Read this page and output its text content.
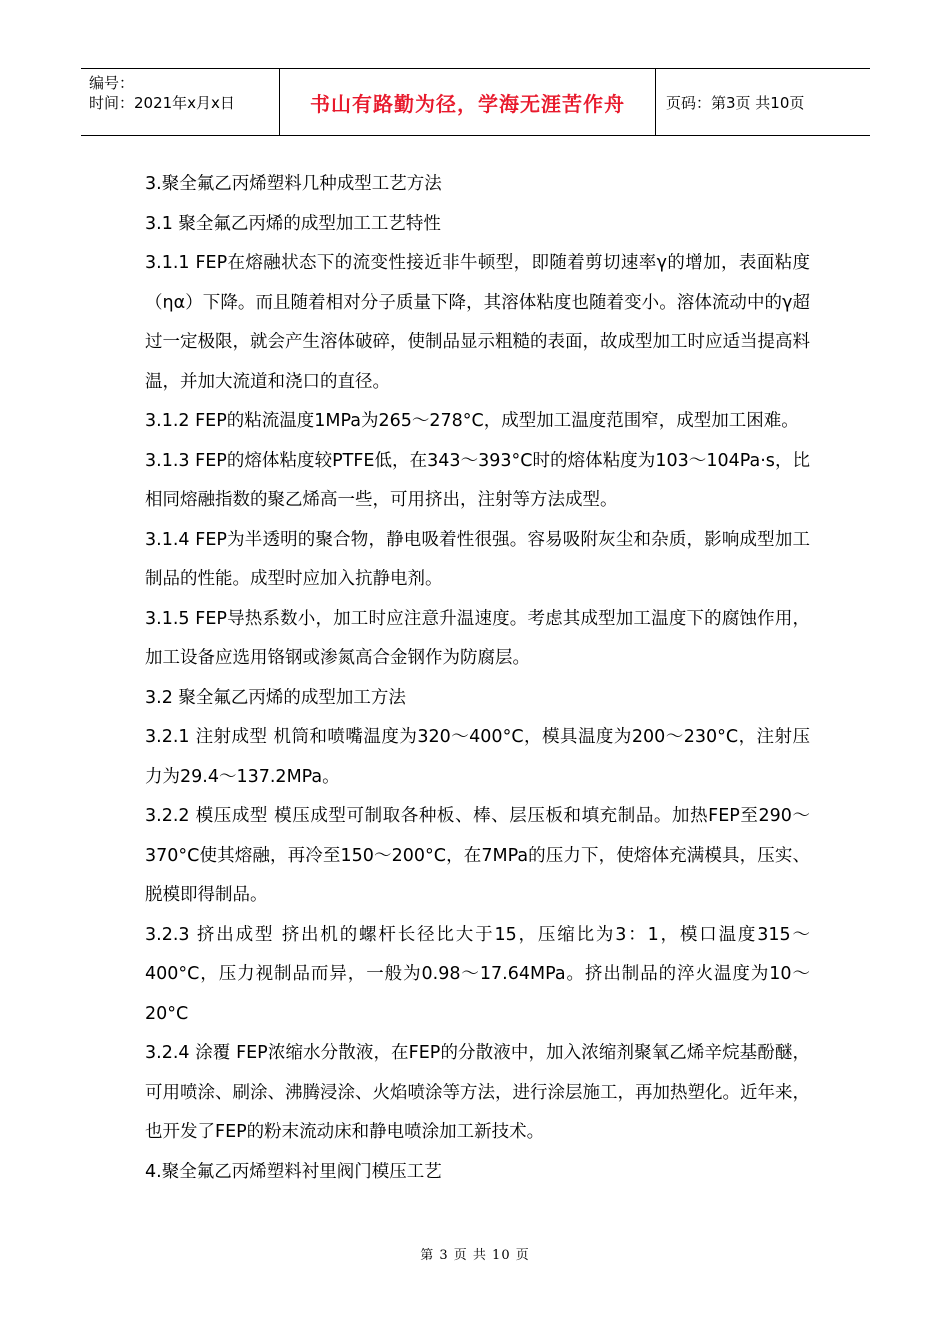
编号：
时间：2021年x月x日	书山有路勤为径，学海无涯苦作舟	页码：第3页 共10页

3.聚全氟乙丙烯塑料几种成型工艺方法

3.1 聚全氟乙丙烯的成型加工工艺特性

3.1.1 FEP在熔融状态下的流变性接近非牛顿型，即随着剪切速率γ的增加，表面粘度（ηα）下降。而且随着相对分子质量下降，其溶体粘度也随着变小。溶体流动中的γ超过一定极限，就会产生溶体破碎，使制品显示粗糙的表面，故成型加工时应适当提高料温，并加大流道和浇口的直径。

3.1.2 FEP的粘流温度1MPa为265～278°C，成型加工温度范围窄，成型加工困难。

3.1.3 FEP的熔体粘度较PTFE低，在343～393°C时的熔体粘度为103～104Pa·s，比相同熔融指数的聚乙烯高一些，可用挤出，注射等方法成型。

3.1.4 FEP为半透明的聚合物，静电吸着性很强。容易吸附灰尘和杂质，影响成型加工制品的性能。成型时应加入抗静电剂。

3.1.5 FEP导热系数小，加工时应注意升温速度。考虑其成型加工温度下的腐蚀作用，加工设备应选用铬钢或渗氮高合金钢作为防腐层。

3.2 聚全氟乙丙烯的成型加工方法

3.2.1 注射成型 机筒和喷嘴温度为320～400°C，模具温度为200～230°C，注射压力为29.4～137.2MPa。

3.2.2 模压成型 模压成型可制取各种板、棒、层压板和填充制品。加热FEP至290～370°C使其熔融，再冷至150～200°C，在7MPa的压力下，使熔体充满模具，压实、脱模即得制品。

3.2.3 挤出成型 挤出机的螺杆长径比大于15，压缩比为3：1，模口温度315～400°C，压力视制品而异，一般为0.98～17.64MPa。挤出制品的淬火温度为10～20°C

3.2.4 涂覆 FEP浓缩水分散液，在FEP的分散液中，加入浓缩剂聚氧乙烯辛烷基酚醚，可用喷涂、刷涂、沸腾浸涂、火焰喷涂等方法，进行涂层施工，再加热塑化。近年来，也开发了FEP的粉末流动床和静电喷涂加工新技术。

4.聚全氟乙丙烯塑料衬里阀门模压工艺

第 3 页 共 10 页
